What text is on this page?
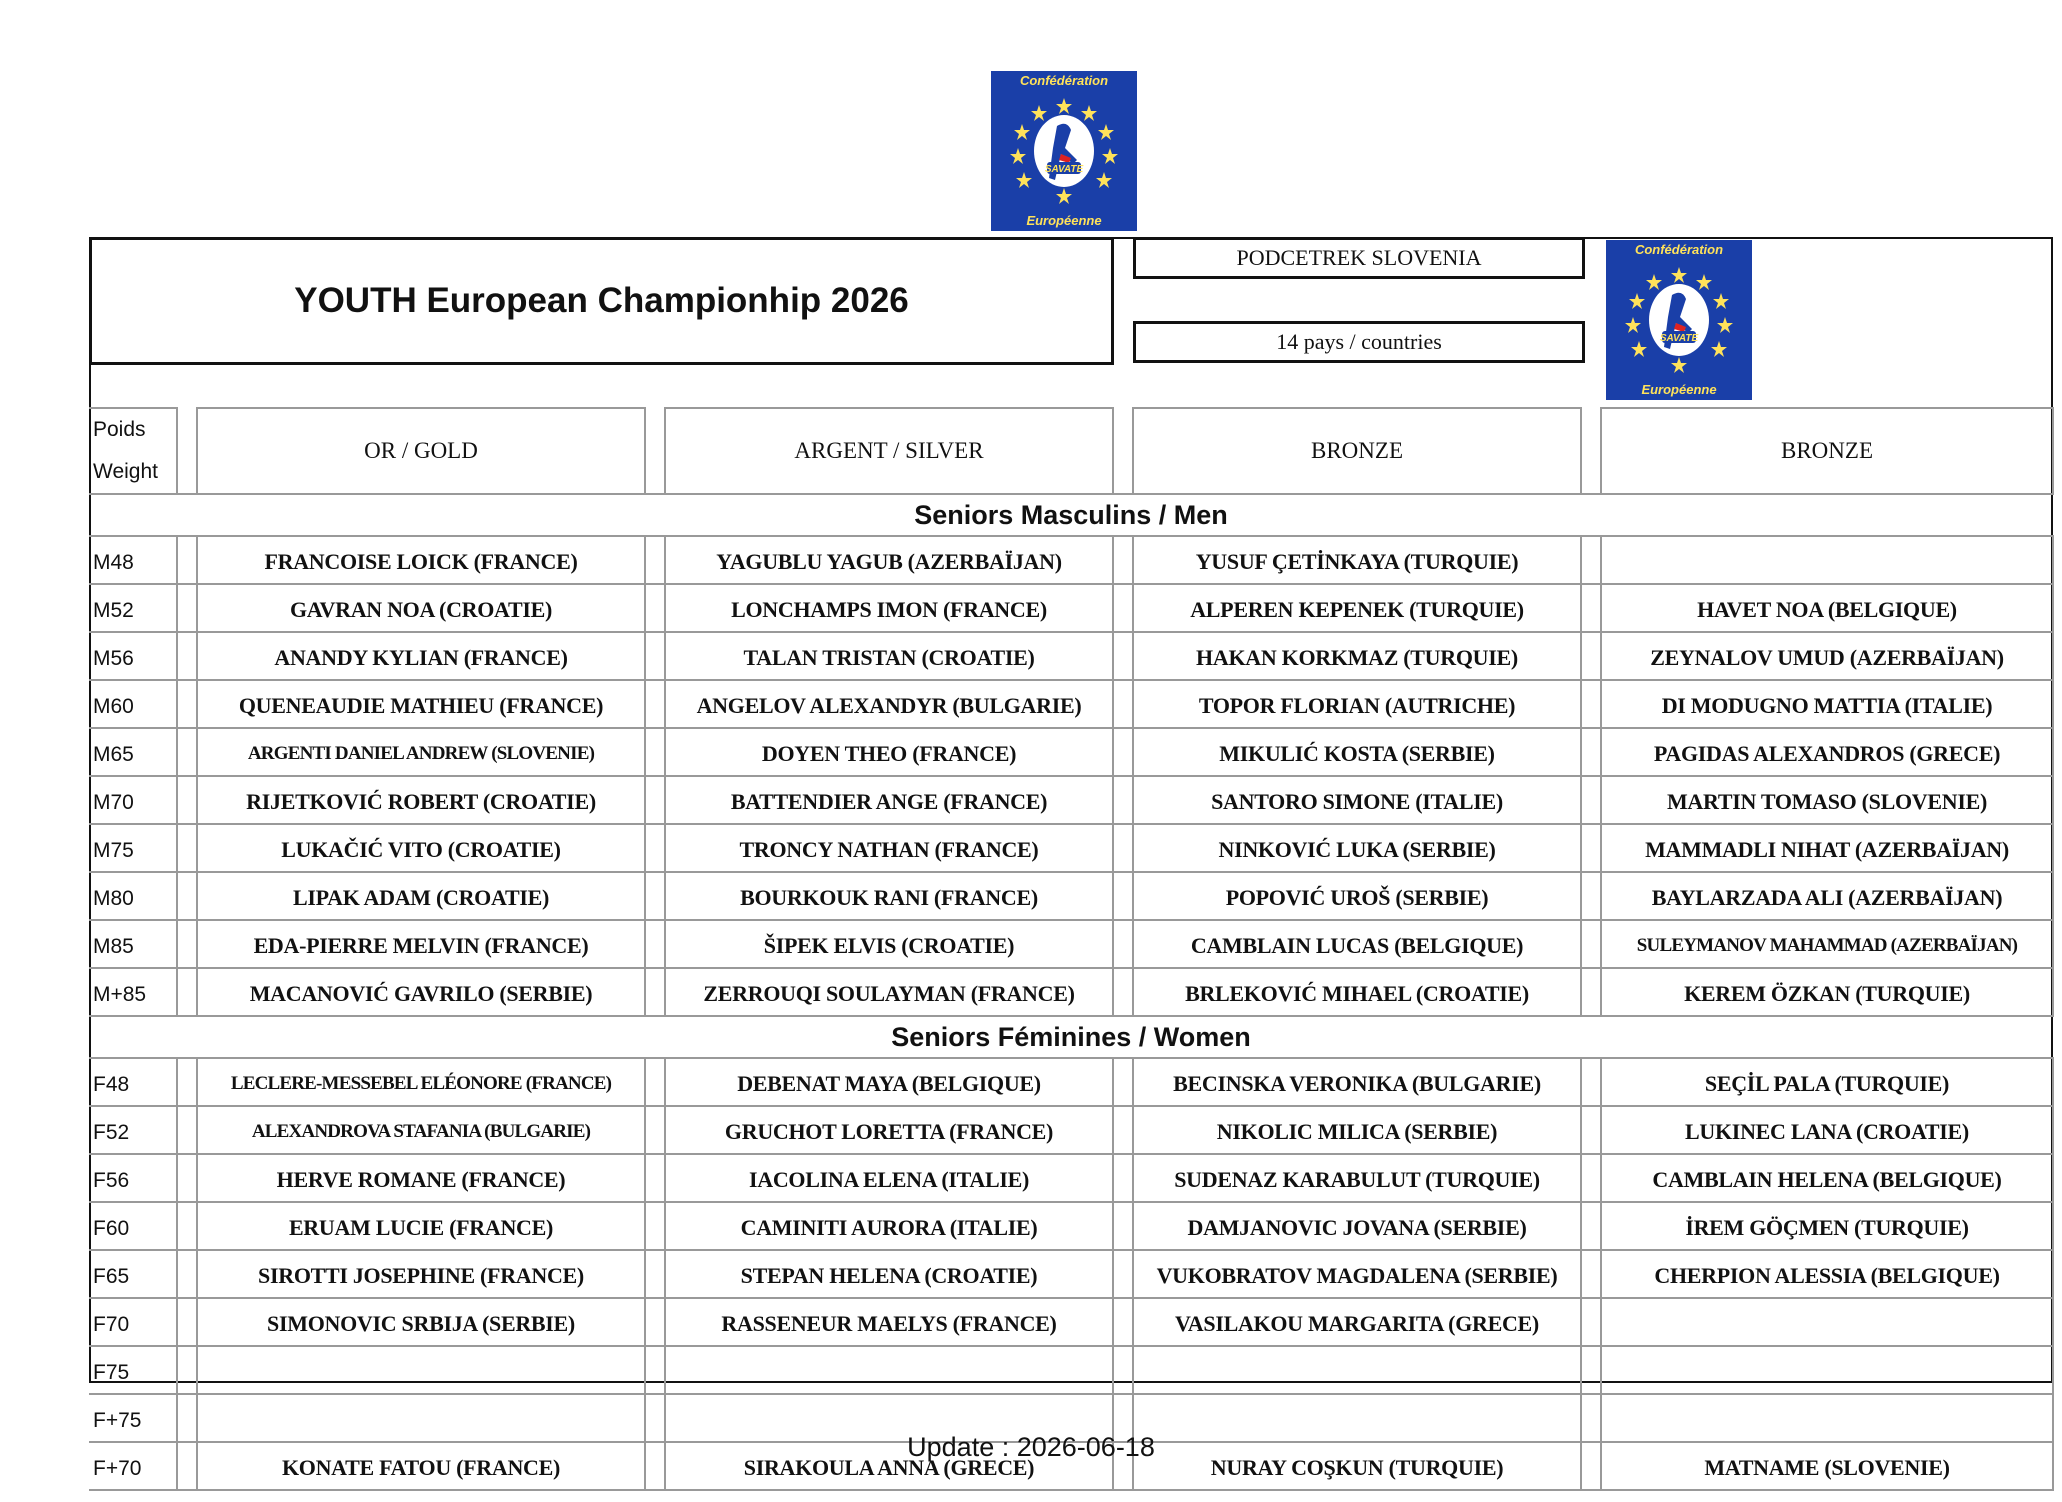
Confédération
SAVATE
Européenne
Confédération
SAVATE
Européenne
YOUTH European Championhip 2026
PODCETREK SLOVENIA
14 pays / countries
Poids
Weight		OR / GOLD		ARGENT / SILVER		BRONZE		BRONZE
Seniors Masculins / Men								
M48		FRANCOISE LOICK (FRANCE)		YAGUBLU YAGUB (AZERBAÏJAN)		YUSUF ÇETİNKAYA (TURQUIE)		
M52		GAVRAN NOA (CROATIE)		LONCHAMPS IMON (FRANCE)		ALPEREN KEPENEK (TURQUIE)		HAVET NOA (BELGIQUE)
M56		ANANDY KYLIAN (FRANCE)		TALAN TRISTAN (CROATIE)		HAKAN KORKMAZ (TURQUIE)		ZEYNALOV UMUD (AZERBAÏJAN)
M60		QUENEAUDIE MATHIEU (FRANCE)		ANGELOV ALEXANDYR (BULGARIE)		TOPOR FLORIAN (AUTRICHE)		DI MODUGNO MATTIA (ITALIE)
M65		ARGENTI DANIEL ANDREW (SLOVENIE)		DOYEN THEO (FRANCE)		MIKULIĆ KOSTA (SERBIE)		PAGIDAS ALEXANDROS (GRECE)
M70		RIJETKOVIĆ ROBERT (CROATIE)		BATTENDIER ANGE (FRANCE)		SANTORO SIMONE (ITALIE)		MARTIN TOMASO (SLOVENIE)
M75		LUKAČIĆ VITO (CROATIE)		TRONCY NATHAN (FRANCE)		NINKOVIĆ LUKA (SERBIE)		MAMMADLI NIHAT (AZERBAÏJAN)
M80		LIPAK ADAM (CROATIE)		BOURKOUK RANI (FRANCE)		POPOVIĆ UROŠ (SERBIE)		BAYLARZADA ALI (AZERBAÏJAN)
M85		EDA-PIERRE MELVIN (FRANCE)		ŠIPEK ELVIS (CROATIE)		CAMBLAIN LUCAS (BELGIQUE)		SULEYMANOV MAHAMMAD (AZERBAÏJAN)
M+85		MACANOVIĆ GAVRILO (SERBIE)		ZERROUQI SOULAYMAN (FRANCE)		BRLEKOVIĆ MIHAEL (CROATIE)		KEREM ÖZKAN (TURQUIE)
Seniors Féminines / Women								
F48		LECLERE-MESSEBEL ELÉONORE (FRANCE)		DEBENAT MAYA (BELGIQUE)		BECINSKA VERONIKA (BULGARIE)		SEÇİL PALA (TURQUIE)
F52		ALEXANDROVA STAFANIA (BULGARIE)		GRUCHOT LORETTA (FRANCE)		NIKOLIC MILICA (SERBIE)		LUKINEC LANA (CROATIE)
F56		HERVE ROMANE (FRANCE)		IACOLINA ELENA (ITALIE)		SUDENAZ KARABULUT (TURQUIE)		CAMBLAIN HELENA (BELGIQUE)
F60		ERUAM LUCIE (FRANCE)		CAMINITI AURORA (ITALIE)		DAMJANOVIC JOVANA (SERBIE)		İREM GÖÇMEN (TURQUIE)
F65		SIROTTI JOSEPHINE (FRANCE)		STEPAN HELENA (CROATIE)		VUKOBRATOV MAGDALENA (SERBIE)		CHERPION ALESSIA (BELGIQUE)
F70		SIMONOVIC SRBIJA (SERBIE)		RASSENEUR MAELYS (FRANCE)		VASILAKOU MARGARITA (GRECE)		
F75								
F+75								
F+70		KONATE FATOU (FRANCE)		SIRAKOULA ANNA (GRECE)		NURAY COŞKUN (TURQUIE)		MATNAME (SLOVENIE)
Update : 2026-06-18
